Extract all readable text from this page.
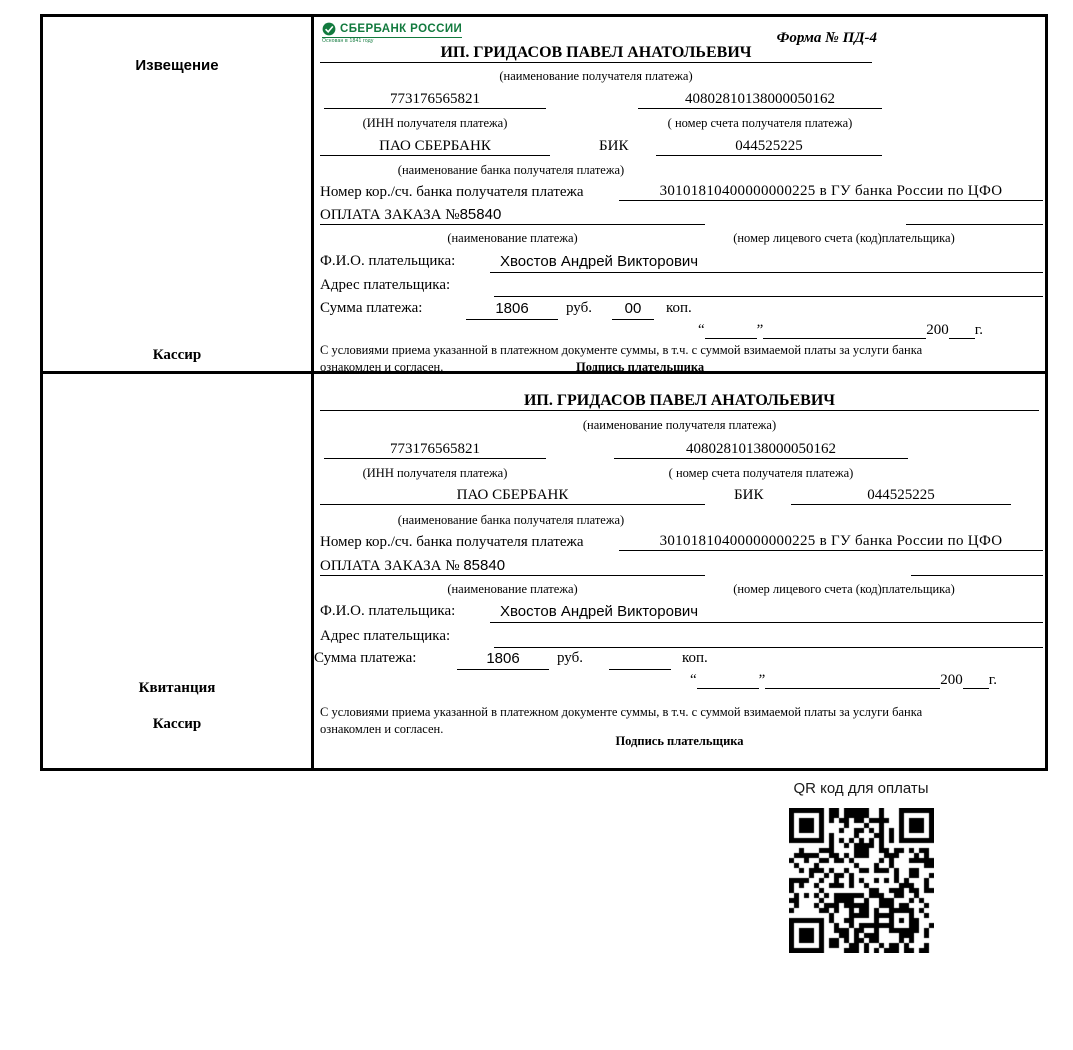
Извещение
Кассир
СБЕРБАНК РОССИИ
Основан в 1841 году	Форма № ПД-4
ИП. ГРИДАСОВ ПАВЕЛ АНАТОЛЬЕВИЧ
(наименование получателя платежа)
773176565821	40802810138000050162
(ИНН получателя платежа)	( номер счета получателя платежа)
ПАО СБЕРБАНК	БИК	044525225
(наименование банка получателя платежа)
Номер кор./сч. банка получателя платежа	30101810400000000225 в ГУ банка России по ЦФО
ОПЛАТА ЗАКАЗА №85840
(наименование платежа)	(номер лицевого счета (код)плательщика)
Ф.И.О. плательщика:	Хвостов Андрей Викторович
Адрес плательщика:
Сумма платежа:	1806	руб.	00	коп.
“	”	200 г.
С условиями приема указанной в платежном документе суммы, в т.ч. с суммой взимаемой платы за услуги банка
ознакомлен и согласен.	Подпись плательщика
Квитанция
Кассир
ИП. ГРИДАСОВ ПАВЕЛ АНАТОЛЬЕВИЧ
(наименование получателя платежа)
773176565821	40802810138000050162
(ИНН получателя платежа)	( номер счета получателя платежа)
ПАО СБЕРБАНК	БИК	044525225
(наименование банка получателя платежа)
Номер кор./сч. банка получателя платежа	30101810400000000225 в ГУ банка России по ЦФО
ОПЛАТА ЗАКАЗА № 85840
(наименование платежа)	(номер лицевого счета (код)плательщика)
Ф.И.О. плательщика:	Хвостов Андрей Викторович
Адрес плательщика:
Сумма платежа:	1806	руб.	коп.
“	”	200 г.
С условиями приема указанной в платежном документе суммы, в т.ч. с суммой взимаемой платы за услуги банка
ознакомлен и согласен.
Подпись плательщика
QR код для оплаты
